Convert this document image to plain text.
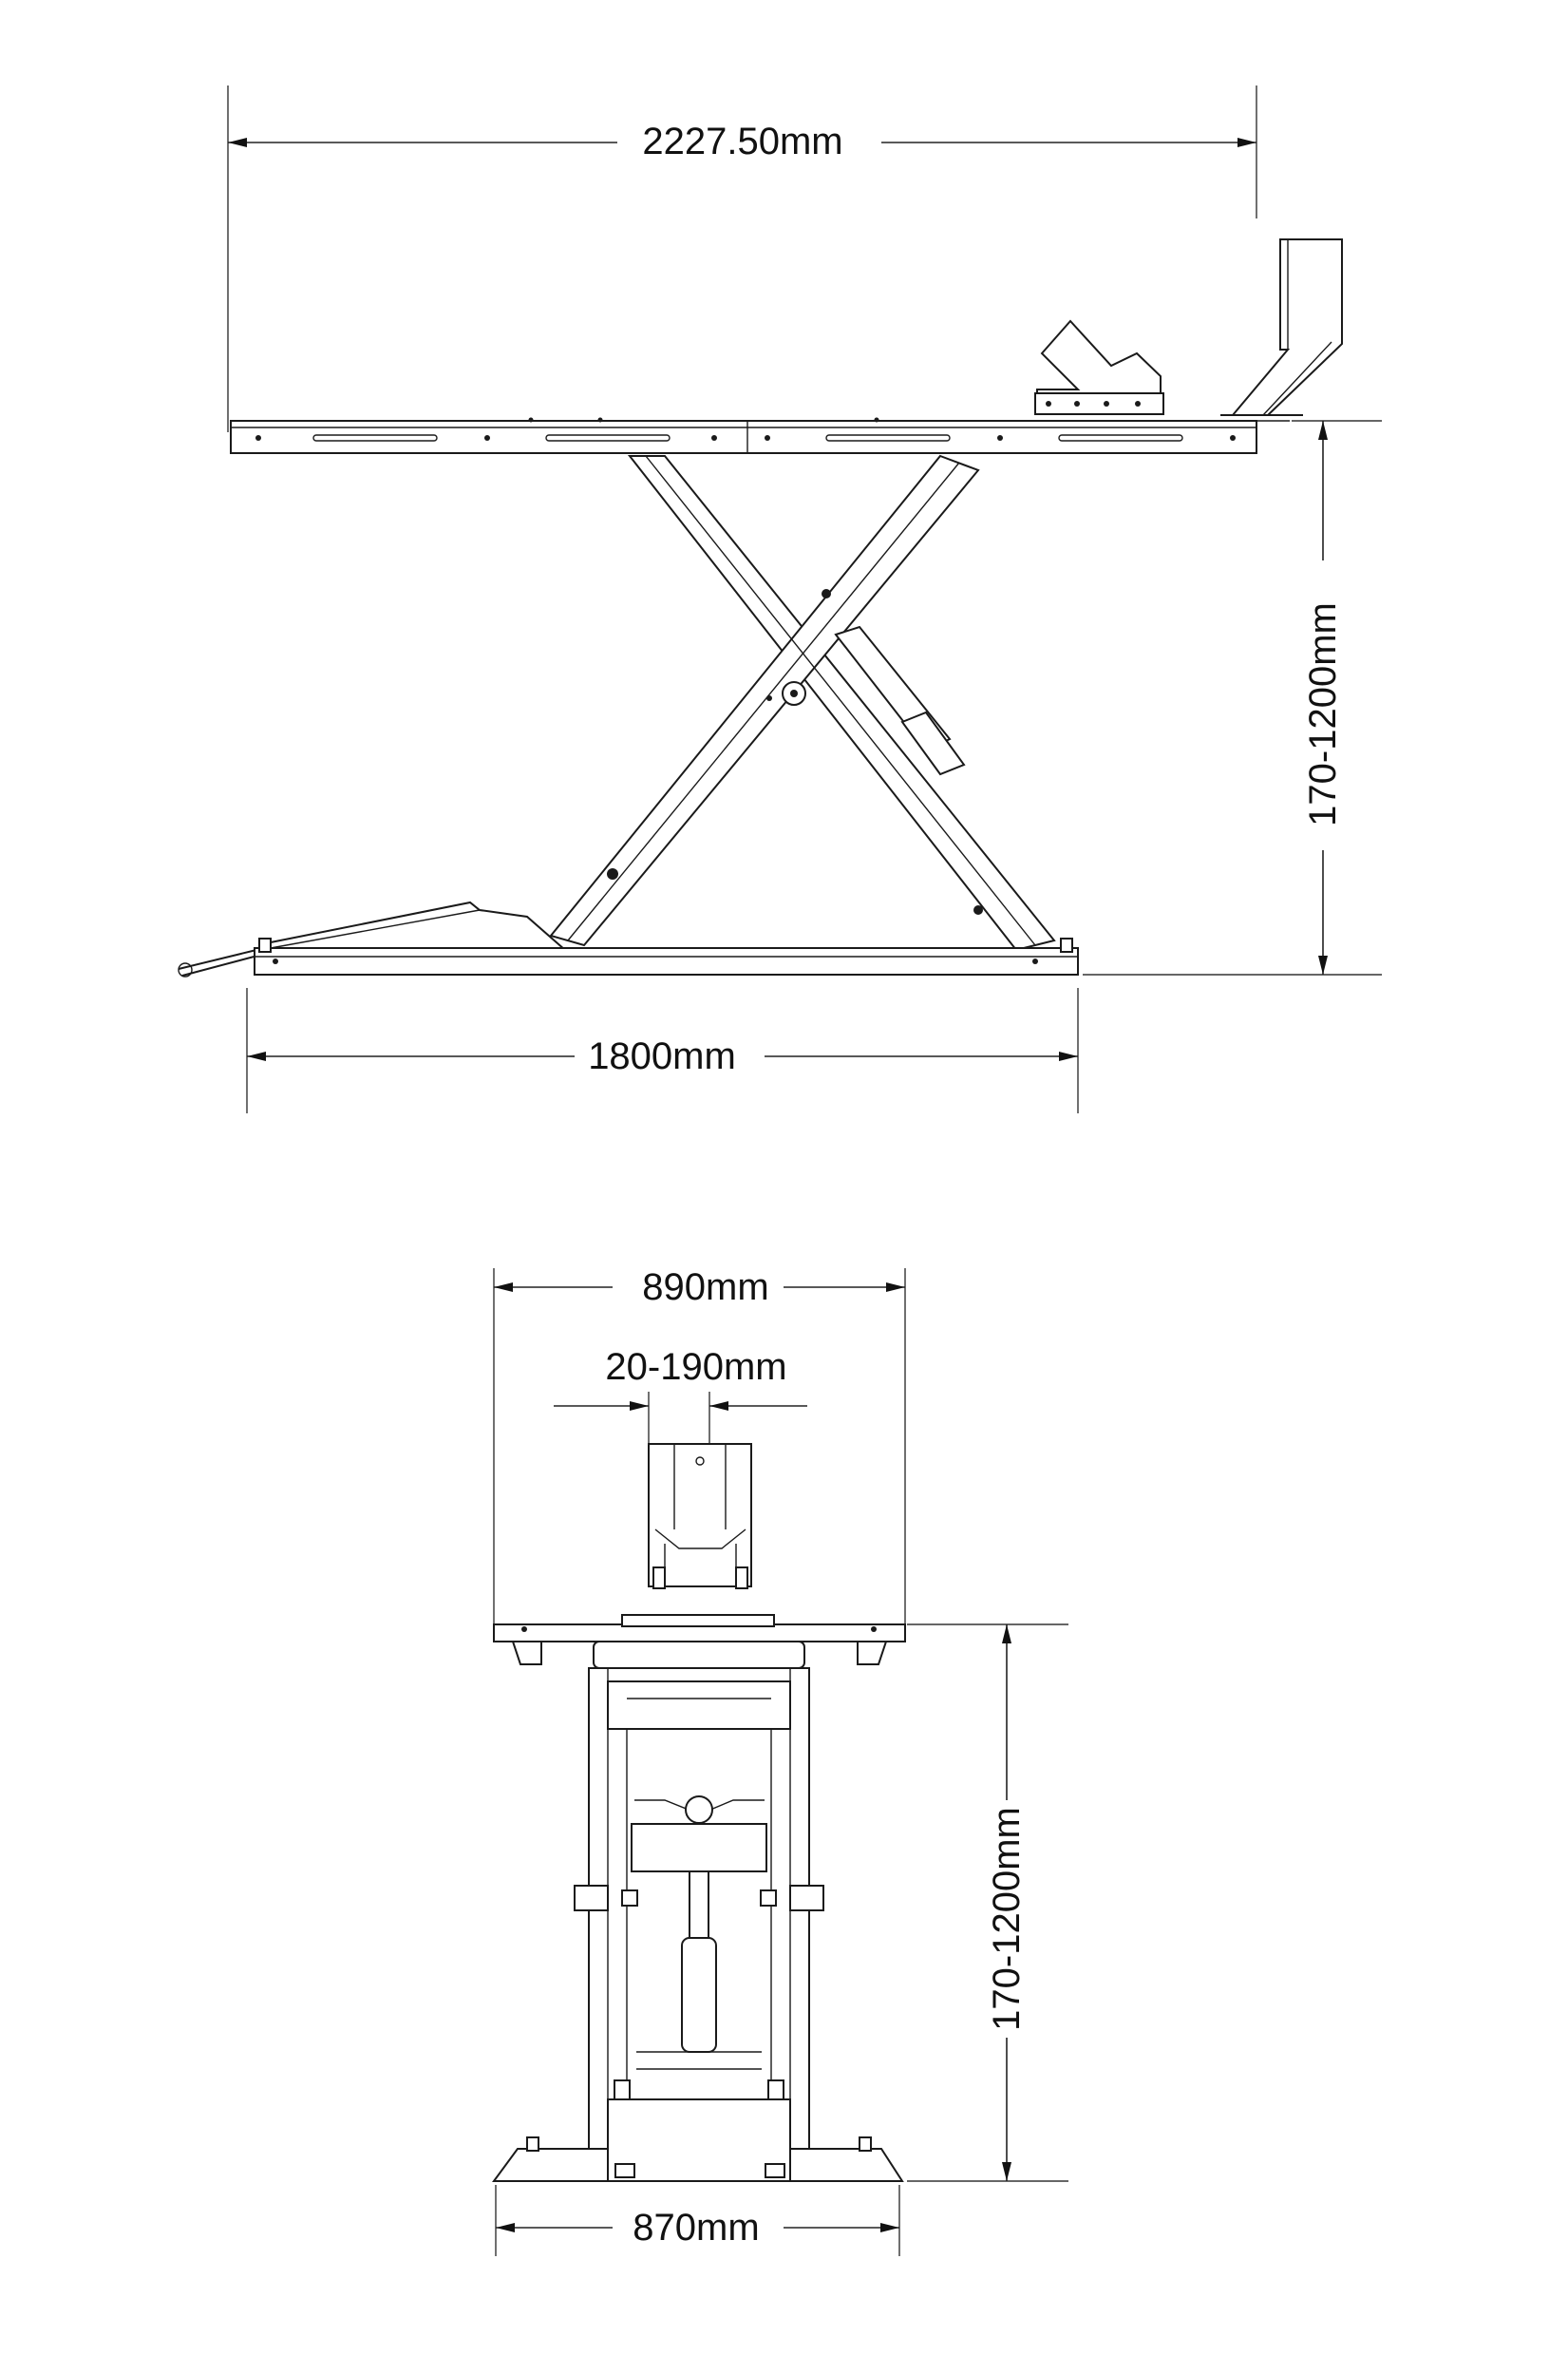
2227.50mm
1800mm
170-1200mm
890mm
20-190mm
870mm
170-1200mm
